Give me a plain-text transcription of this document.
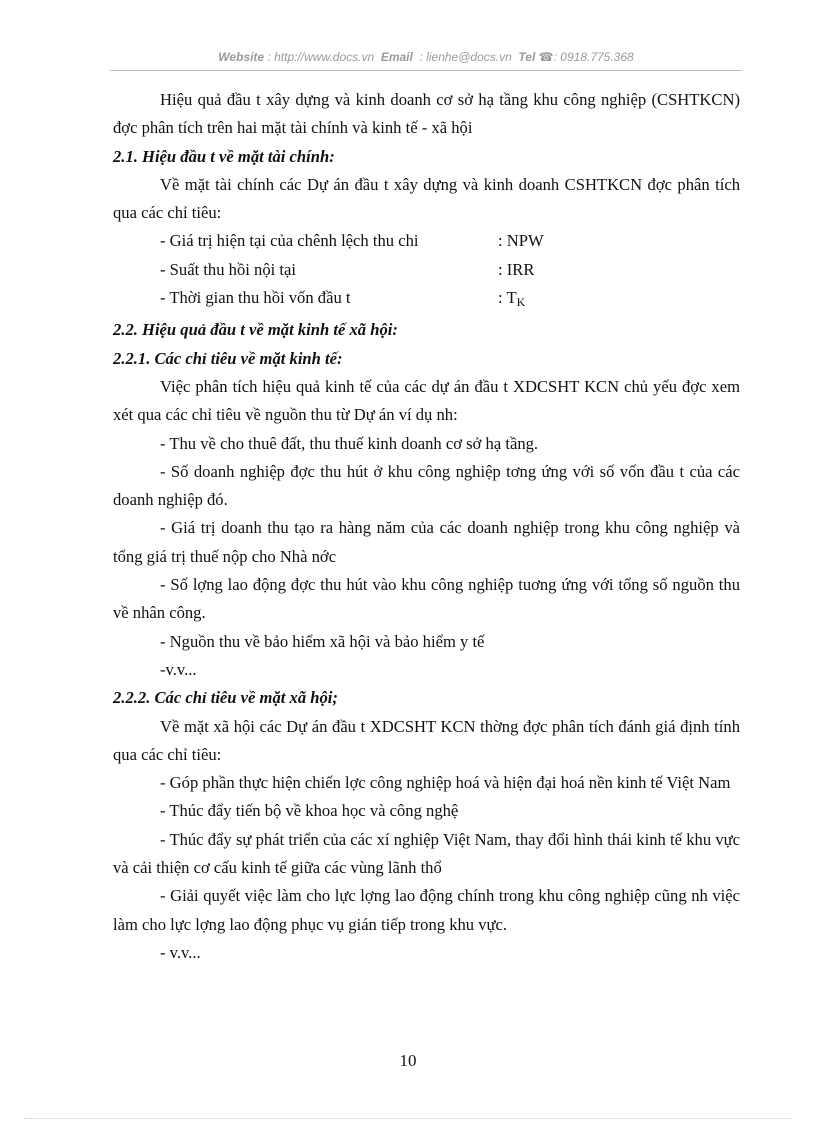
Website : http://www.docs.vn Email : lienhe@docs.vn Tel ☎: 0918.775.368

Hiệu quả đầu t xây dựng và kinh doanh cơ sở hạ tầng khu công nghiệp (CSHTKCN) đợc phân tích trên hai mặt tài chính và kinh tế - xã hội

2.1. Hiệu đầu t về mặt tài chính:

Về mặt tài chính các Dự án đầu t xây dựng và kinh doanh CSHTKCN đợc phân tích qua các chỉ tiêu:

- Giá trị hiện tại của chênh lệch thu chi	: NPW
- Suất thu hồi nội tại	: IRR
- Thời gian thu hồi vốn đầu t	: $T_K$

2.2. Hiệu quả đầu t về mặt kinh tế xã hội:

2.2.1. Các chỉ tiêu về mặt kinh tế:

Việc phân tích hiệu quả kinh tế của các dự án đầu t XDCSHT KCN chủ yếu đợc xem xét qua các chỉ tiêu về nguồn thu từ Dự án ví dụ nh:

- Thu về cho thuê đất, thu thuế kinh doanh cơ sở hạ tầng.

- Số doanh nghiệp đợc thu hút ở khu công nghiệp tơng ứng với số vốn đầu t của các doanh nghiệp đó.

- Giá trị doanh thu tạo ra hàng năm của các doanh nghiệp trong khu công nghiệp và tổng giá trị thuế nộp cho Nhà nớc

- Số lợng lao động đợc thu hút vào khu công nghiệp tuơng ứng với tổng số nguồn thu về nhân công.

- Nguồn thu về bảo hiểm xã hội và bảo hiểm y tế

-v.v...

2.2.2. Các chỉ tiêu về mặt xã hội;

Về mặt xã hội các Dự án đầu t XDCSHT KCN thờng đợc phân tích đánh giá định tính qua các chỉ tiêu:

- Góp phần thực hiện chiến lợc công nghiệp hoá và hiện đại hoá nền kinh tế Việt Nam

- Thúc đẩy tiến bộ về khoa học và công nghệ

- Thúc đẩy sự phát triển của các xí nghiệp Việt Nam, thay đổi hình thái kinh tế khu vực và cải thiện cơ cấu kinh tế giữa các vùng lãnh thổ

- Giải quyết việc làm cho lực lợng lao động chính trong khu công nghiệp cũng nh việc làm cho lực lợng lao động phục vụ gián tiếp trong khu vực.

- v.v...

10
